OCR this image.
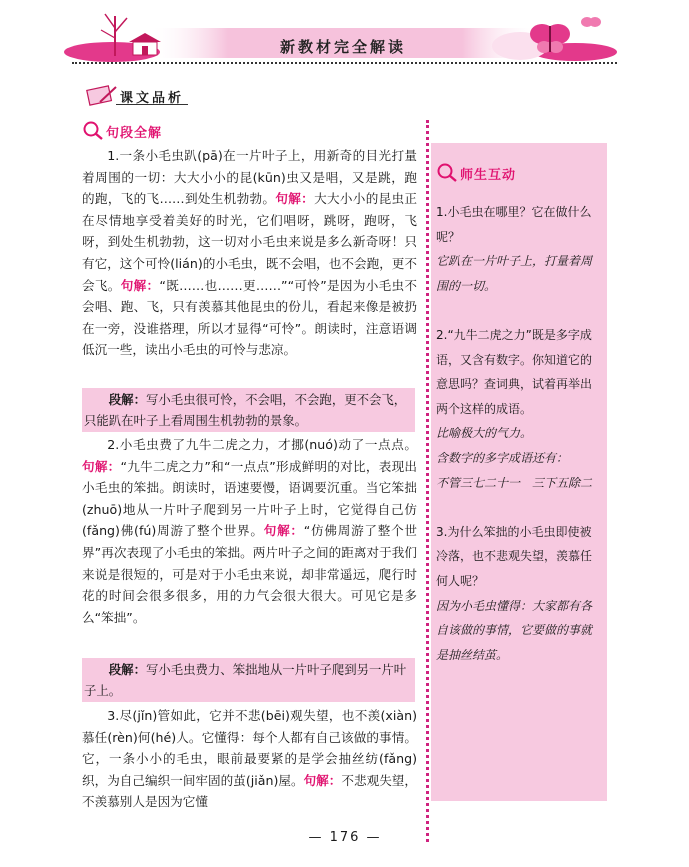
新教材完全解读
课文品析
句段全解

1.一条小毛虫趴(pā)在一片叶子上，用新奇的目光打量着周围的一切：大大小小的昆(kūn)虫又是唱，又是跳，跑的跑，飞的飞……到处生机勃勃。句解：大大小小的昆虫正在尽情地享受着美好的时光，它们唱呀，跳呀，跑呀，飞呀，到处生机勃勃，这一切对小毛虫来说是多么新奇呀！只有它，这个可怜(lián)的小毛虫，既不会唱，也不会跑，更不会飞。句解：“既……也……更……”“可怜”是因为小毛虫不会唱、跑、飞，只有羡慕其他昆虫的份儿，看起来像是被扔在一旁，没谁搭理，所以才显得“可怜”。朗读时，注意语调低沉一些，读出小毛虫的可怜与悲凉。

段解：写小毛虫很可怜，不会唱，不会跑，更不会飞，只能趴在叶子上看周围生机勃勃的景象。

2.小毛虫费了九牛二虎之力，才挪(nuó)动了一点点。句解：“九牛二虎之力”和“一点点”形成鲜明的对比，表现出小毛虫的笨拙。朗读时，语速要慢，语调要沉重。当它笨拙(zhuō)地从一片叶子爬到另一片叶子上时，它觉得自己仿(fǎng)佛(fú)周游了整个世界。句解：“仿佛周游了整个世界”再次表现了小毛虫的笨拙。两片叶子之间的距离对于我们来说是很短的，可是对于小毛虫来说，却非常遥远，爬行时花的时间会很多很多，用的力气会很大很大。可见它是多么“笨拙”。

段解：写小毛虫费力、笨拙地从一片叶子爬到另一片叶子上。

3.尽(jǐn)管如此，它并不悲(bēi)观失望，也不羡(xiàn)慕任(rèn)何(hé)人。它懂得：每个人都有自己该做的事情。它，一条小小的毛虫，眼前最要紧的是学会抽丝纺(fǎng)织，为自己编织一间牢固的茧(jiǎn)屋。句解：不悲观失望，不羡慕别人是因为它懂

师生互动

1.小毛虫在哪里？它在做什么呢？

它趴在一片叶子上，打量着周围的一切。

2.“九牛二虎之力”既是多字成语，又含有数字。你知道它的意思吗？查词典，试着再举出两个这样的成语。

比喻极大的气力。

含数字的多字成语还有：

不管三七二十一　三下五除二

3.为什么笨拙的小毛虫即使被冷落，也不悲观失望，羡慕任何人呢？

因为小毛虫懂得：大家都有各自该做的事情，它要做的事就是抽丝结茧。

— 176 —
